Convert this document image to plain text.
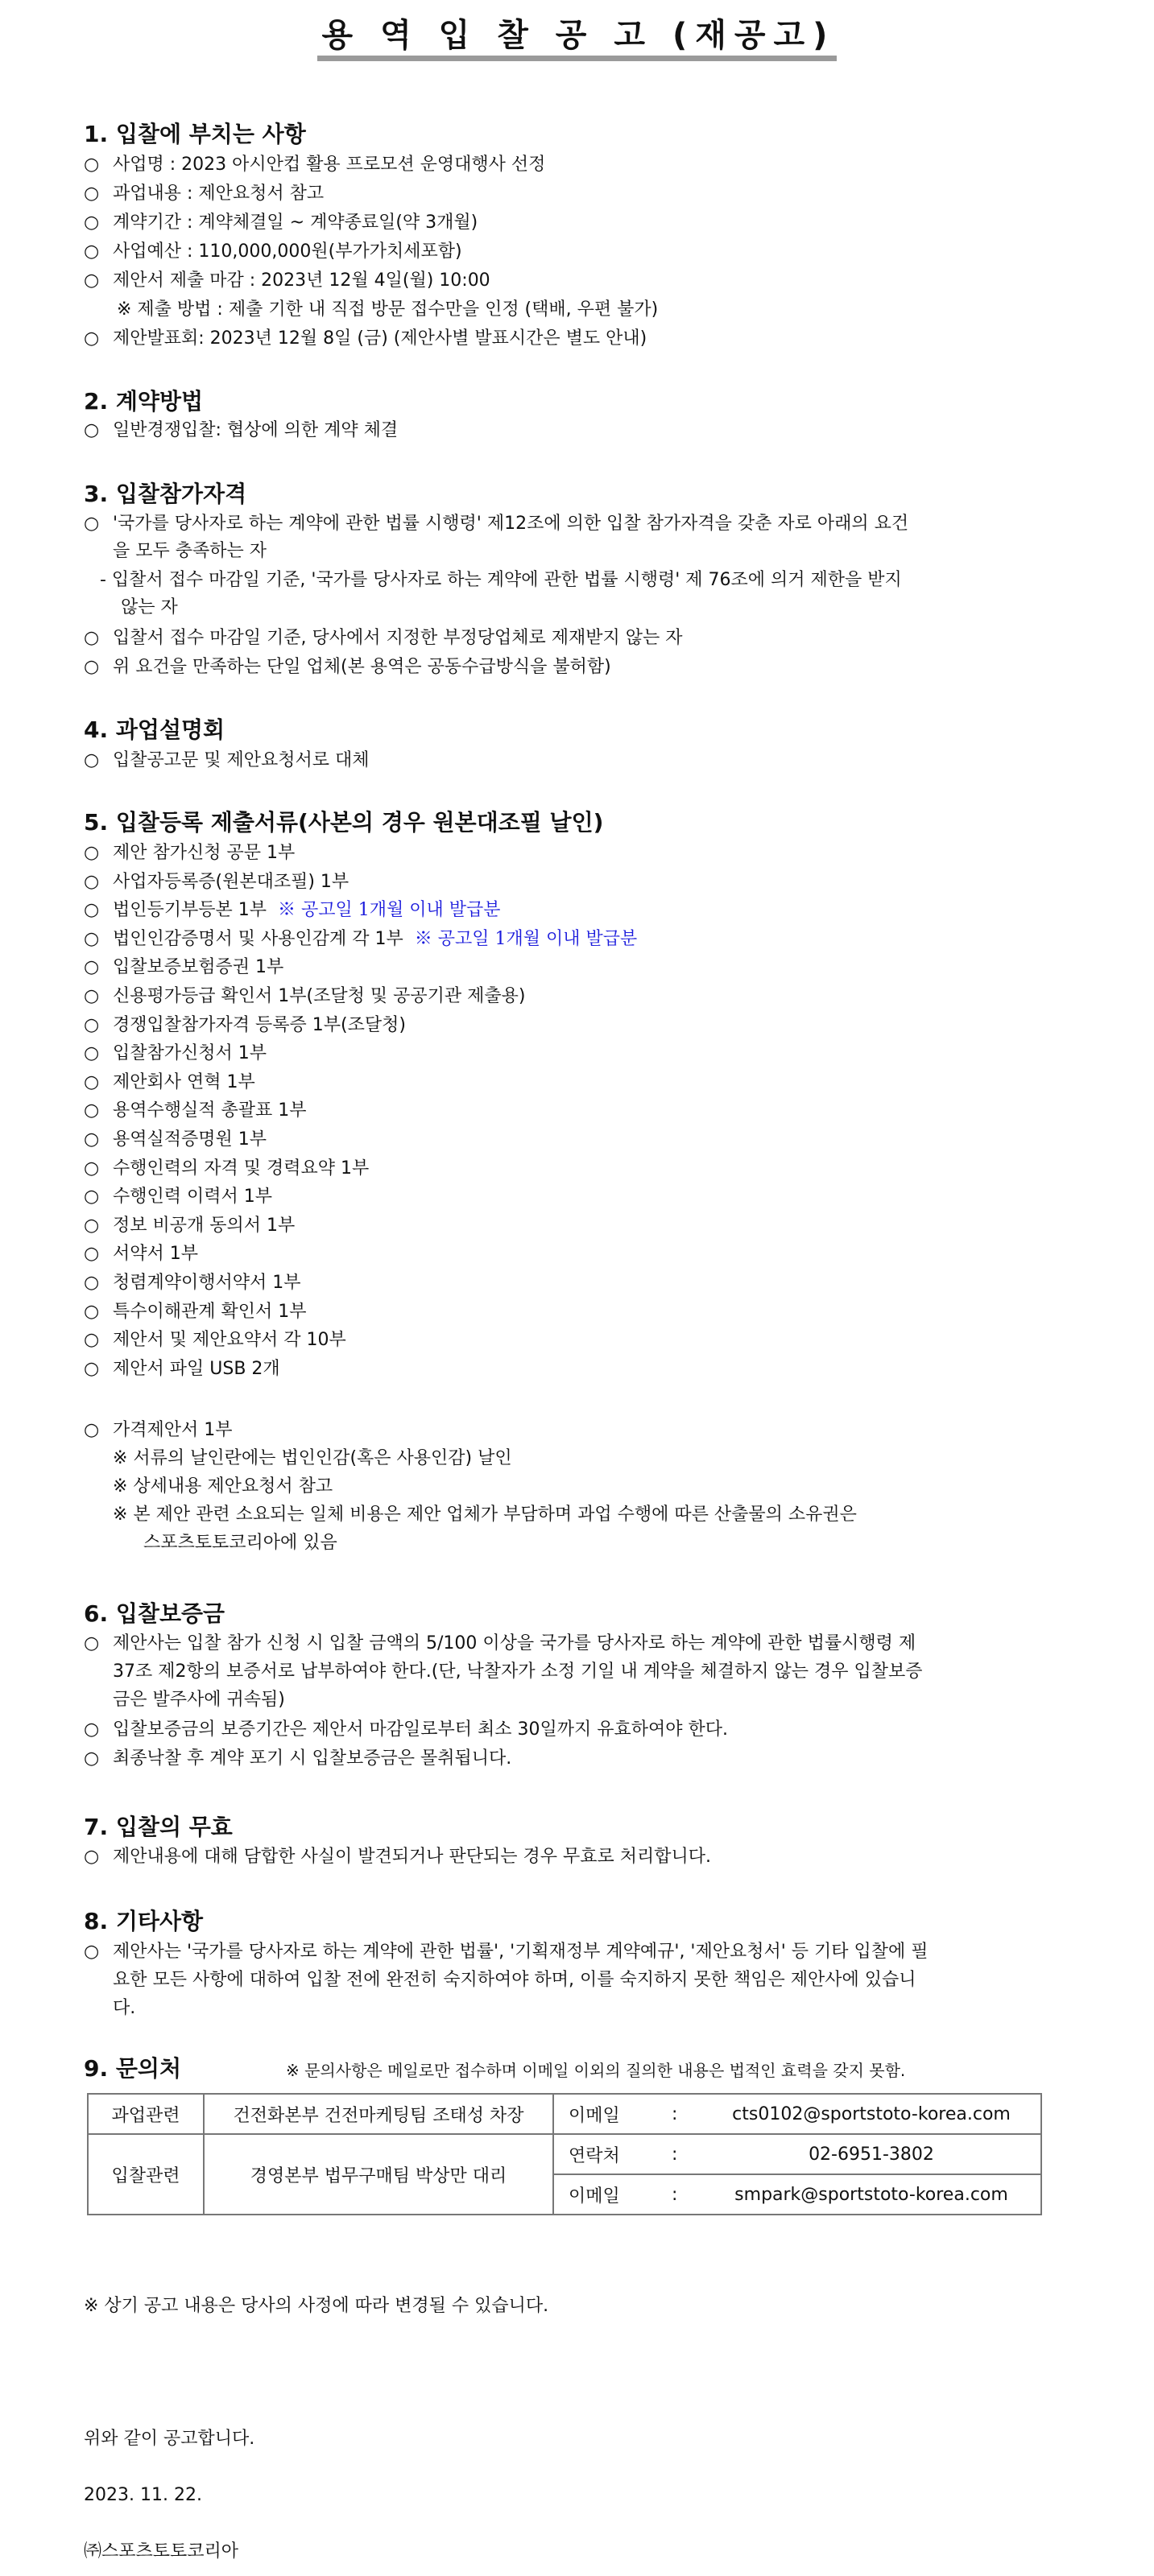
용 역 입 찰 공 고 (재공고)
1. 입찰에 부치는 사항
○ 사업명 : 2023 아시안컵 활용 프로모션 운영대행사 선정
○ 과업내용 : 제안요청서 참고
○ 계약기간 : 계약체결일 ~ 계약종료일(약 3개월)
○ 사업예산 : 110,000,000원(부가가치세포함)
○ 제안서 제출 마감 : 2023년 12월 4일(월) 10:00
※ 제출 방법 : 제출 기한 내 직접 방문 접수만을 인정 (택배, 우편 불가)
○ 제안발표회: 2023년 12월 8일 (금) (제안사별 발표시간은 별도 안내)
2. 계약방법
○ 일반경쟁입찰: 협상에 의한 계약 체결
3. 입찰참가자격
○ '국가를 당사자로 하는 계약에 관한 법률 시행령' 제12조에 의한 입찰 참가자격을 갖춘 자로 아래의 요건
을 모두 충족하는 자
- 입찰서 접수 마감일 기준, '국가를 당사자로 하는 계약에 관한 법률 시행령' 제 76조에 의거 제한을 받지
않는 자
○ 입찰서 접수 마감일 기준, 당사에서 지정한 부정당업체로 제재받지 않는 자
○ 위 요건을 만족하는 단일 업체(본 용역은 공동수급방식을 불허함)
4. 과업설명회
○ 입찰공고문 및 제안요청서로 대체
5. 입찰등록 제출서류(사본의 경우 원본대조필 날인)
○ 제안 참가신청 공문 1부
○ 사업자등록증(원본대조필) 1부
○ 법인등기부등본 1부 ※ 공고일 1개월 이내 발급분
○ 법인인감증명서 및 사용인감계 각 1부 ※ 공고일 1개월 이내 발급분
○ 입찰보증보험증권 1부
○ 신용평가등급 확인서 1부(조달청 및 공공기관 제출용)
○ 경쟁입찰참가자격 등록증 1부(조달청)
○ 입찰참가신청서 1부
○ 제안회사 연혁 1부
○ 용역수행실적 총괄표 1부
○ 용역실적증명원 1부
○ 수행인력의 자격 및 경력요약 1부
○ 수행인력 이력서 1부
○ 정보 비공개 동의서 1부
○ 서약서 1부
○ 청렴계약이행서약서 1부
○ 특수이해관계 확인서 1부
○ 제안서 및 제안요약서 각 10부
○ 제안서 파일 USB 2개
○ 가격제안서 1부
※ 서류의 날인란에는 법인인감(혹은 사용인감) 날인
※ 상세내용 제안요청서 참고
※ 본 제안 관련 소요되는 일체 비용은 제안 업체가 부담하며 과업 수행에 따른 산출물의 소유권은
스포츠토토코리아에 있음
6. 입찰보증금
○ 제안사는 입찰 참가 신청 시 입찰 금액의 5/100 이상을 국가를 당사자로 하는 계약에 관한 법률시행령 제
37조 제2항의 보증서로 납부하여야 한다.(단, 낙찰자가 소정 기일 내 계약을 체결하지 않는 경우 입찰보증
금은 발주사에 귀속됨)
○ 입찰보증금의 보증기간은 제안서 마감일로부터 최소 30일까지 유효하여야 한다.
○ 최종낙찰 후 계약 포기 시 입찰보증금은 몰취됩니다.
7. 입찰의 무효
○ 제안내용에 대해 담합한 사실이 발견되거나 판단되는 경우 무효로 처리합니다.
8. 기타사항
○ 제안사는 '국가를 당사자로 하는 계약에 관한 법률', '기획재정부 계약예규', '제안요청서' 등 기타 입찰에 필
요한 모든 사항에 대하여 입찰 전에 완전히 숙지하여야 하며, 이를 숙지하지 못한 책임은 제안사에 있습니
다.
9. 문의처	※ 문의사항은 메일로만 접수하며 이메일 이외의 질의한 내용은 법적인 효력을 갖지 못함.
과업관련	건전화본부 건전마케팅팀 조태성 차장	이메일	:	cts0102@sportstoto-korea.com
입찰관련	경영본부 법무구매팀 박상만 대리	연락처	:	02-6951-3802
		이메일	:	smpark@sportstoto-korea.com
※ 상기 공고 내용은 당사의 사정에 따라 변경될 수 있습니다.
위와 같이 공고합니다.
2023. 11. 22.
㈜스포츠토토코리아
